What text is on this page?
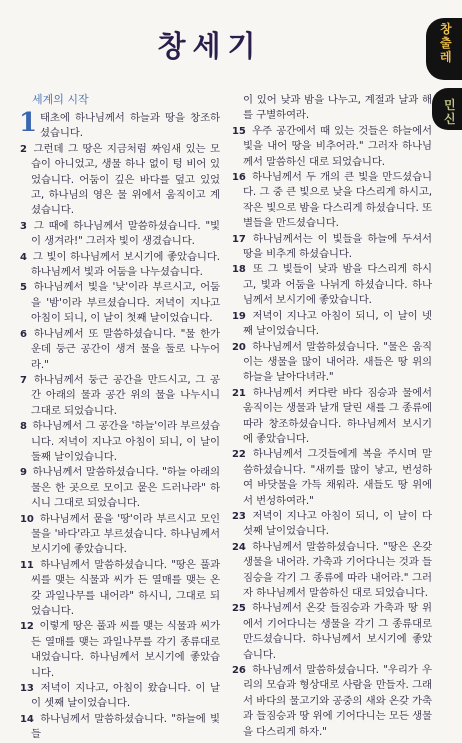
창세기	창출레
민신
세계의 시작

1 태초에 하나님께서 하늘과 땅을 창조하셨습니다.

2 그런데 그 땅은 지금처럼 짜임새 있는 모습이 아니었고, 생물 하나 없이 텅 비어 있었습니다. 어둠이 깊은 바다를 덮고 있었고, 하나님의 영은 물 위에서 움직이고 계셨습니다.

3 그 때에 하나님께서 말씀하셨습니다. "빛이 생겨라!" 그러자 빛이 생겼습니다.

4 그 빛이 하나님께서 보시기에 좋았습니다. 하나님께서 빛과 어둠을 나누셨습니다.

5 하나님께서 빛을 '낮'이라 부르시고, 어둠을 '밤'이라 부르셨습니다. 저녁이 지나고 아침이 되니, 이 날이 첫째 날이었습니다.

6 하나님께서 또 말씀하셨습니다. "물 한가운데 둥근 공간이 생겨 물을 둘로 나누어라."

7 하나님께서 둥근 공간을 만드시고, 그 공간 아래의 물과 공간 위의 물을 나누시니 그대로 되었습니다.

8 하나님께서 그 공간을 '하늘'이라 부르셨습니다. 저녁이 지나고 아침이 되니, 이 날이 둘째 날이었습니다.

9 하나님께서 말씀하셨습니다. "하늘 아래의 물은 한 곳으로 모이고 뭍은 드러나라" 하시니 그대로 되었습니다.

10 하나님께서 뭍을 '땅'이라 부르시고 모인 물을 '바다'라고 부르셨습니다. 하나님께서 보시기에 좋았습니다.

11 하나님께서 말씀하셨습니다. "땅은 풀과 씨를 맺는 식물과 씨가 든 열매를 맺는 온갖 과일나무를 내어라" 하시니, 그대로 되었습니다.

12 이렇게 땅은 풀과 씨를 맺는 식물과 씨가 든 열매를 맺는 과일나무를 각기 종류대로 내었습니다. 하나님께서 보시기에 좋았습니다.

13 저녁이 지나고, 아침이 왔습니다. 이 날이 셋째 날이었습니다.

14 하나님께서 말씀하셨습니다. "하늘에 빛들

이 있어 낮과 밤을 나누고, 계절과 날과 해를 구별하여라.

15 우주 공간에서 때 있는 것들은 하늘에서 빛을 내어 땅을 비추어라." 그러자 하나님께서 말씀하신 대로 되었습니다.

16 하나님께서 두 개의 큰 빛을 만드셨습니다. 그 중 큰 빛으로 낮을 다스리게 하시고, 작은 빛으로 밤을 다스리게 하셨습니다. 또 별들을 만드셨습니다.

17 하나님께서는 이 빛들을 하늘에 두셔서 땅을 비추게 하셨습니다.

18 또 그 빛들이 낮과 밤을 다스리게 하시고, 빛과 어둠을 나뉘게 하셨습니다. 하나님께서 보시기에 좋았습니다.

19 저녁이 지나고 아침이 되니, 이 날이 넷째 날이었습니다.

20 하나님께서 말씀하셨습니다. "물은 움직이는 생물을 많이 내어라. 새들은 땅 위의 하늘을 날아다녀라."

21 하나님께서 커다란 바다 짐승과 물에서 움직이는 생물과 날개 달린 새를 그 종류에 따라 창조하셨습니다. 하나님께서 보시기에 좋았습니다.

22 하나님께서 그것들에게 복을 주시며 말씀하셨습니다. "새끼를 많이 낳고, 번성하여 바닷물을 가득 채워라. 새들도 땅 위에서 번성하여라."

23 저녁이 지나고 아침이 되니, 이 날이 다섯째 날이었습니다.

24 하나님께서 말씀하셨습니다. "땅은 온갖 생물을 내어라. 가축과 기어다니는 것과 들짐승을 각기 그 종류에 따라 내어라." 그러자 하나님께서 말씀하신 대로 되었습니다.

25 하나님께서 온갖 들짐승과 가축과 땅 위에서 기어다니는 생물을 각기 그 종류대로 만드셨습니다. 하나님께서 보시기에 좋았습니다.

26 하나님께서 말씀하셨습니다. "우리가 우리의 모습과 형상대로 사람을 만들자. 그래서 바다의 물고기와 공중의 새와 온갖 가축과 들짐승과 땅 위에 기어다니는 모든 생물을 다스리게 하자."
